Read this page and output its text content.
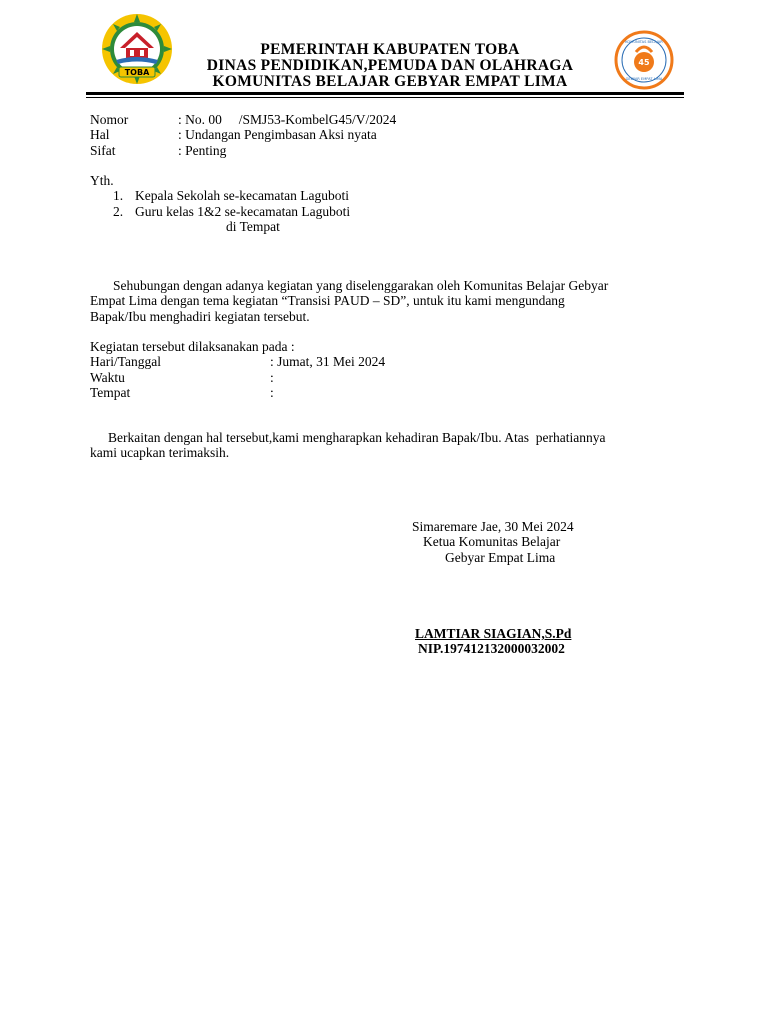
TOBA
KOMUNITAS BELAJAR
45
GEBYAR EMPAT LIMA
PEMERINTAH KABUPATEN TOBA
DINAS PENDIDIKAN,PEMUDA DAN OLAHRAGA
KOMUNITAS BELAJAR GEBYAR EMPAT LIMA
Nomor	: No. 00     /SMJ53-KombelG45/V/2024
Hal	: Undangan Pengimbasan Aksi nyata
Sifat	: Penting
Yth.
1. Kepala Sekolah se-kecamatan Laguboti
2. Guru kelas 1&2 se-kecamatan Laguboti
di Tempat
Sehubungan dengan adanya kegiatan yang diselenggarakan oleh Komunitas Belajar Gebyar
Empat Lima dengan tema kegiatan “Transisi PAUD – SD”, untuk itu kami mengundang
Bapak/Ibu menghadiri kegiatan tersebut.
Kegiatan tersebut dilaksanakan pada :
Hari/Tanggal	: Jumat, 31 Mei 2024
Waktu	:
Tempat	:
Berkaitan dengan hal tersebut,kami mengharapkan kehadiran Bapak/Ibu. Atas  perhatiannya
kami ucapkan terimaksih.
Simaremare Jae, 30 Mei 2024
Ketua Komunitas Belajar
Gebyar Empat Lima
LAMTIAR SIAGIAN,S.Pd
NIP.197412132000032002
